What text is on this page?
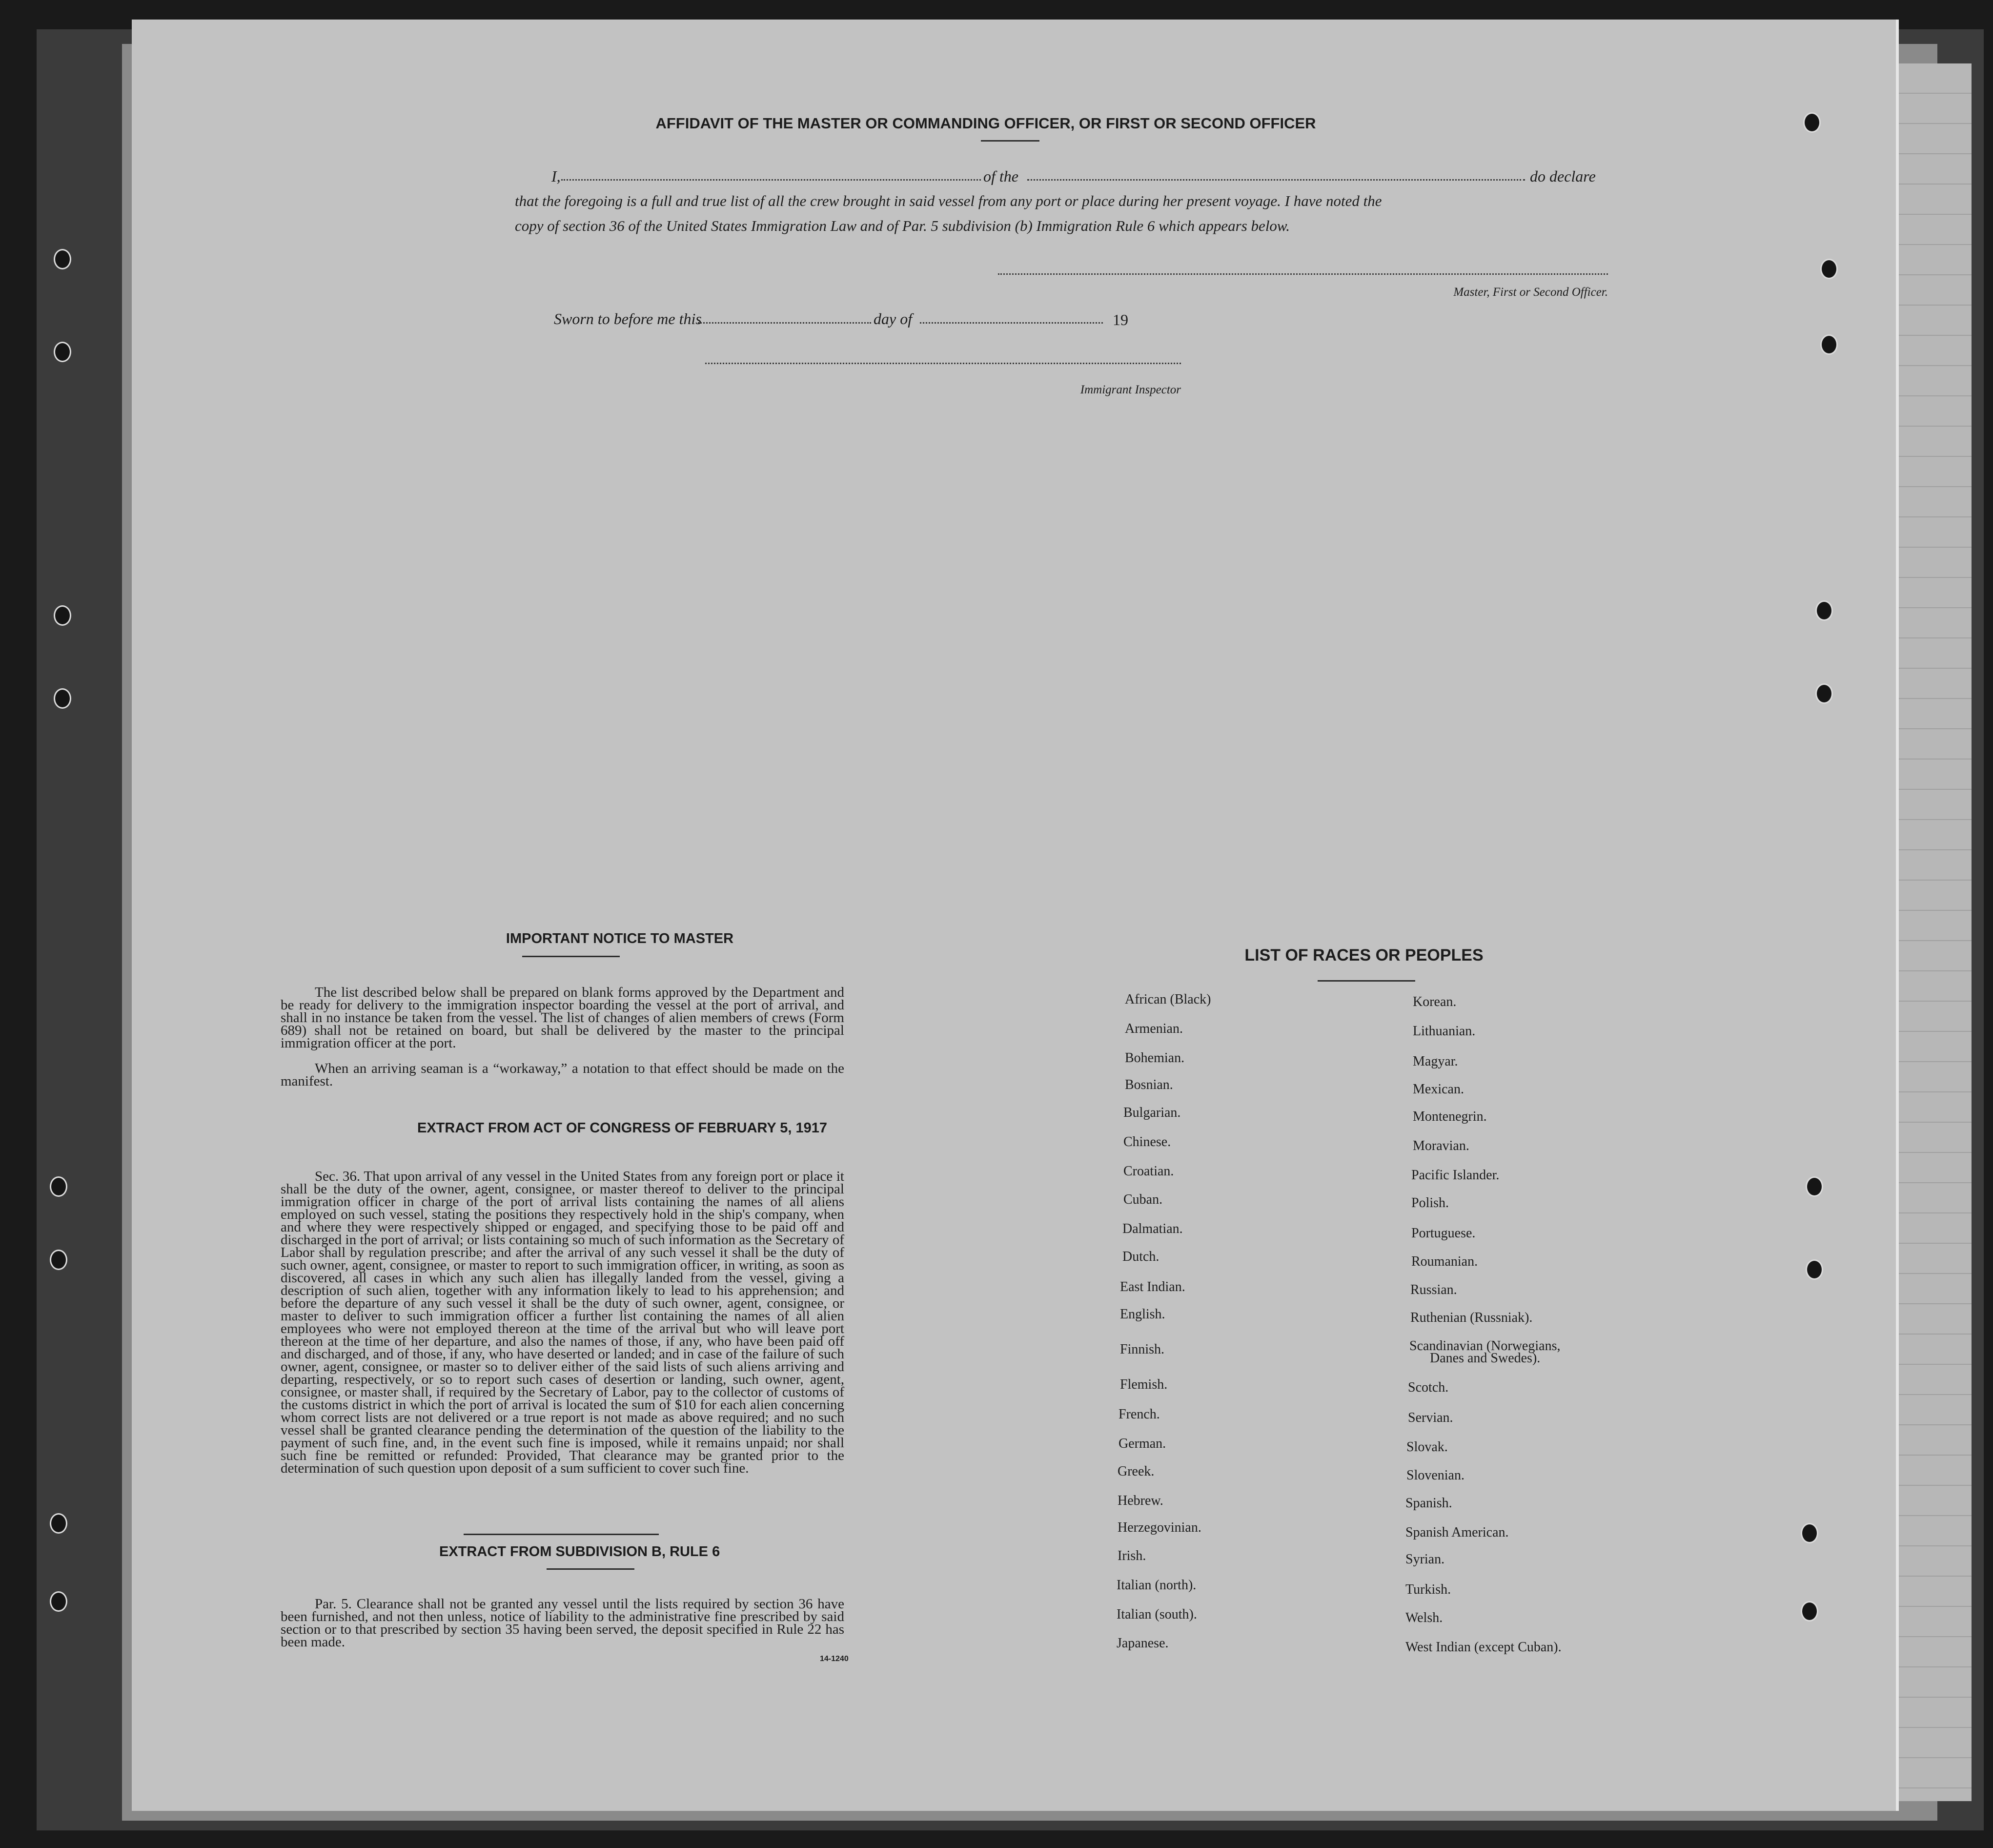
AFFIDAVIT OF THE MASTER OR COMMANDING OFFICER, OR FIRST OR SECOND OFFICER
I,	of the	do declare
that the foregoing is a full and true list of all the crew brought in said vessel from any port or place during her present voyage. I have noted the
copy of section 36 of the United States Immigration Law and of Par. 5 subdivision (b) Immigration Rule 6 which appears below.
Master, First or Second Officer.
Sworn to before me this	day of	19
Immigrant Inspector
IMPORTANT NOTICE TO MASTER
The list described below shall be prepared on blank forms approved by the Department and be ready for delivery to the immigration inspector boarding the vessel at the port of arrival, and shall in no instance be taken from the vessel. The list of changes of alien members of crews (Form 689) shall not be retained on board, but shall be delivered by the master to the principal immigration officer at the port.
When an arriving seaman is a “workaway,” a notation to that effect should be made on the manifest.
EXTRACT FROM ACT OF CONGRESS OF FEBRUARY 5, 1917
Sec. 36. That upon arrival of any vessel in the United States from any foreign port or place it shall be the duty of the owner, agent, consignee, or master thereof to deliver to the principal immigration officer in charge of the port of arrival lists containing the names of all aliens employed on such vessel, stating the positions they respectively hold in the ship's company, when and where they were respectively shipped or engaged, and specifying those to be paid off and discharged in the port of arrival; or lists containing so much of such information as the Secretary of Labor shall by regulation prescribe; and after the arrival of any such vessel it shall be the duty of such owner, agent, consignee, or master to report to such immigration officer, in writing, as soon as discovered, all cases in which any such alien has illegally landed from the vessel, giving a description of such alien, together with any information likely to lead to his apprehension; and before the departure of any such vessel it shall be the duty of such owner, agent, consignee, or master to deliver to such immigration officer a further list containing the names of all alien employees who were not employed thereon at the time of the arrival but who will leave port thereon at the time of her departure, and also the names of those, if any, who have been paid off and discharged, and of those, if any, who have deserted or landed; and in case of the failure of such owner, agent, consignee, or master so to deliver either of the said lists of such aliens arriving and departing, respectively, or so to report such cases of desertion or landing, such owner, agent, consignee, or master shall, if required by the Secretary of Labor, pay to the collector of customs of the customs district in which the port of arrival is located the sum of $10 for each alien concerning whom correct lists are not delivered or a true report is not made as above required; and no such vessel shall be granted clearance pending the determination of the question of the liability to the payment of such fine, and, in the event such fine is imposed, while it remains unpaid; nor shall such fine be remitted or refunded: Provided, That clearance may be granted prior to the determination of such question upon deposit of a sum sufficient to cover such fine.
EXTRACT FROM SUBDIVISION B, RULE 6
Par. 5. Clearance shall not be granted any vessel until the lists required by section 36 have been furnished, and not then unless, notice of liability to the administrative fine prescribed by said section or to that prescribed by section 35 having been served, the deposit specified in Rule 22 has been made.
14-1240
LIST OF RACES OR PEOPLES
African (Black)
Armenian.
Bohemian.
Bosnian.
Bulgarian.
Chinese.
Croatian.
Cuban.
Dalmatian.
Dutch.
East Indian.
English.
Finnish.
Flemish.
French.
German.
Greek.
Hebrew.
Herzegovinian.
Irish.
Italian (north).
Italian (south).
Japanese.
Korean.
Lithuanian.
Magyar.
Mexican.
Montenegrin.
Moravian.
Pacific Islander.
Polish.
Portuguese.
Roumanian.
Russian.
Ruthenian (Russniak).
Scandinavian (Norwegians,
Danes and Swedes).
Scotch.
Servian.
Slovak.
Slovenian.
Spanish.
Spanish American.
Syrian.
Turkish.
Welsh.
West Indian (except Cuban).
